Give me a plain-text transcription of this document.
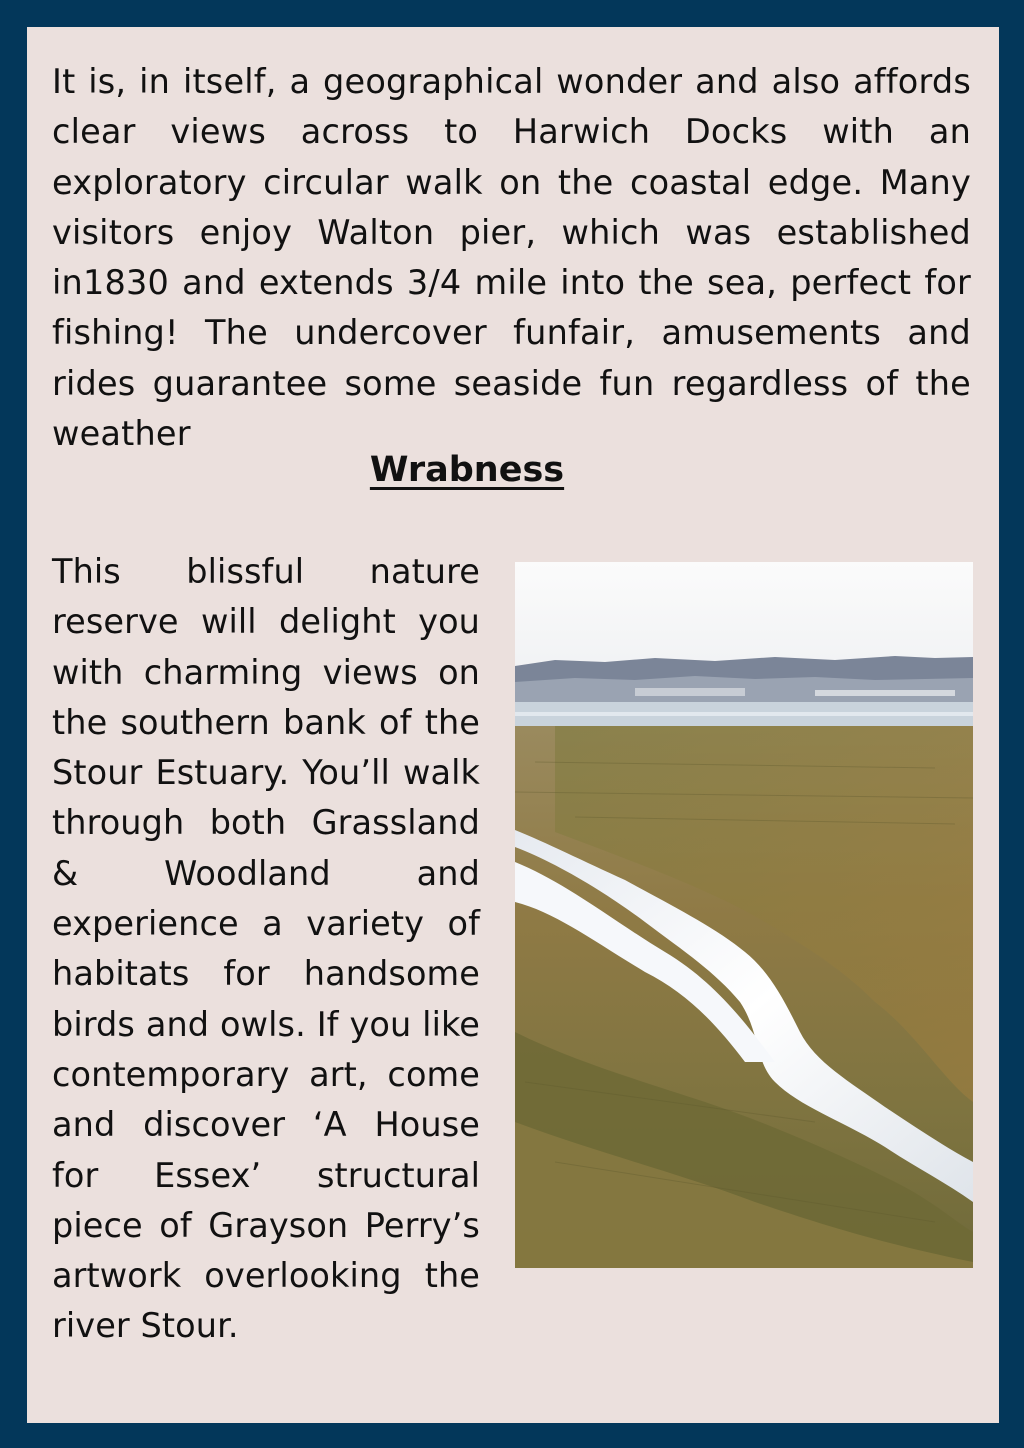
It is, in itself, a geographical wonder and also affords clear views across to Harwich Docks with an exploratory circular walk on the coastal edge. Many visitors enjoy Walton pier, which was established in1830 and extends 3/4 mile into the sea, perfect for fishing! The undercover funfair, amusements and rides guarantee some seaside fun regardless of the weather

Wrabness

This blissful nature reserve will delight you with charming views on the southern bank of the Stour Estuary. You’ll walk through both Grassland & Woodland and experience a variety of habitats for handsome birds and owls. If you like contemporary art, come and discover ‘A House for Essex’ structural piece of Grayson Perry’s artwork overlooking the river Stour.
